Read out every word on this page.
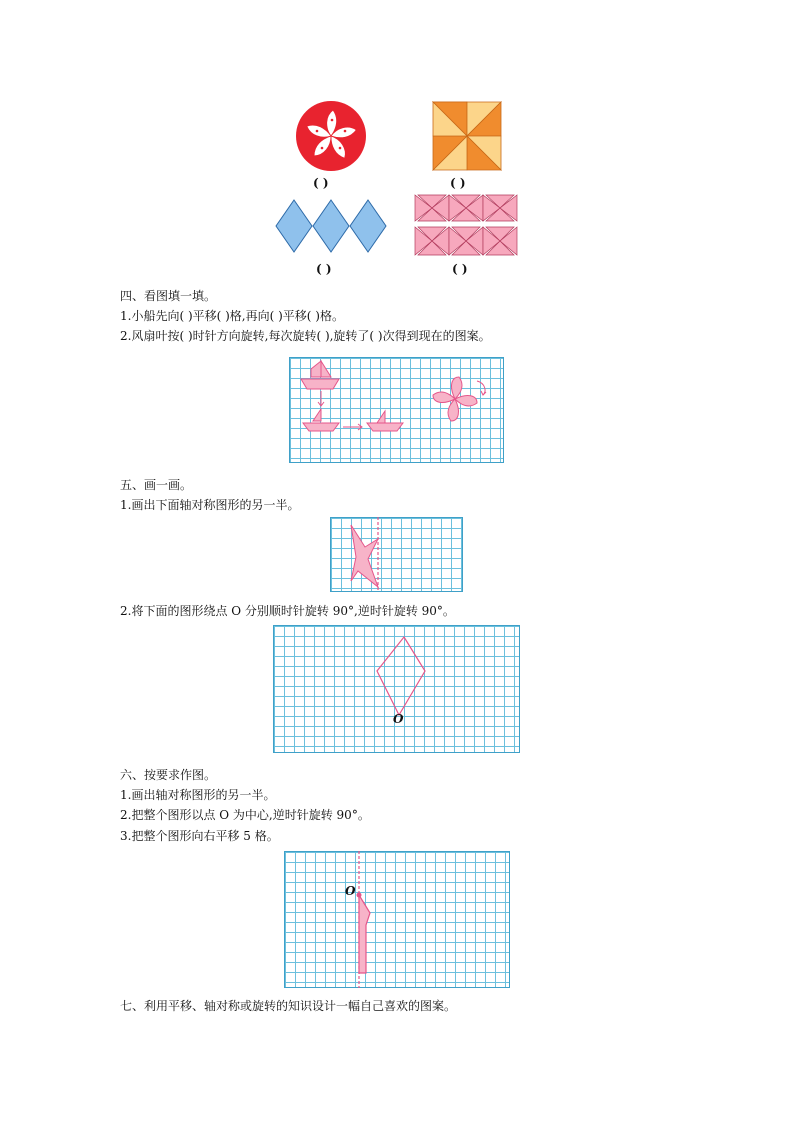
( )	( )
( )	( )
四、看图填一填。
1.小船先向( )平移( )格,再向( )平移( )格。
2.风扇叶按( )时针方向旋转,每次旋转( ),旋转了( )次得到现在的图案。
五、画一画。
1.画出下面轴对称图形的另一半。
2.将下面的图形绕点 O 分别顺时针旋转 90°,逆时针旋转 90°。
O
六、按要求作图。
1.画出轴对称图形的另一半。
2.把整个图形以点 O 为中心,逆时针旋转 90°。
3.把整个图形向右平移 5 格。
O
七、利用平移、轴对称或旋转的知识设计一幅自己喜欢的图案。
